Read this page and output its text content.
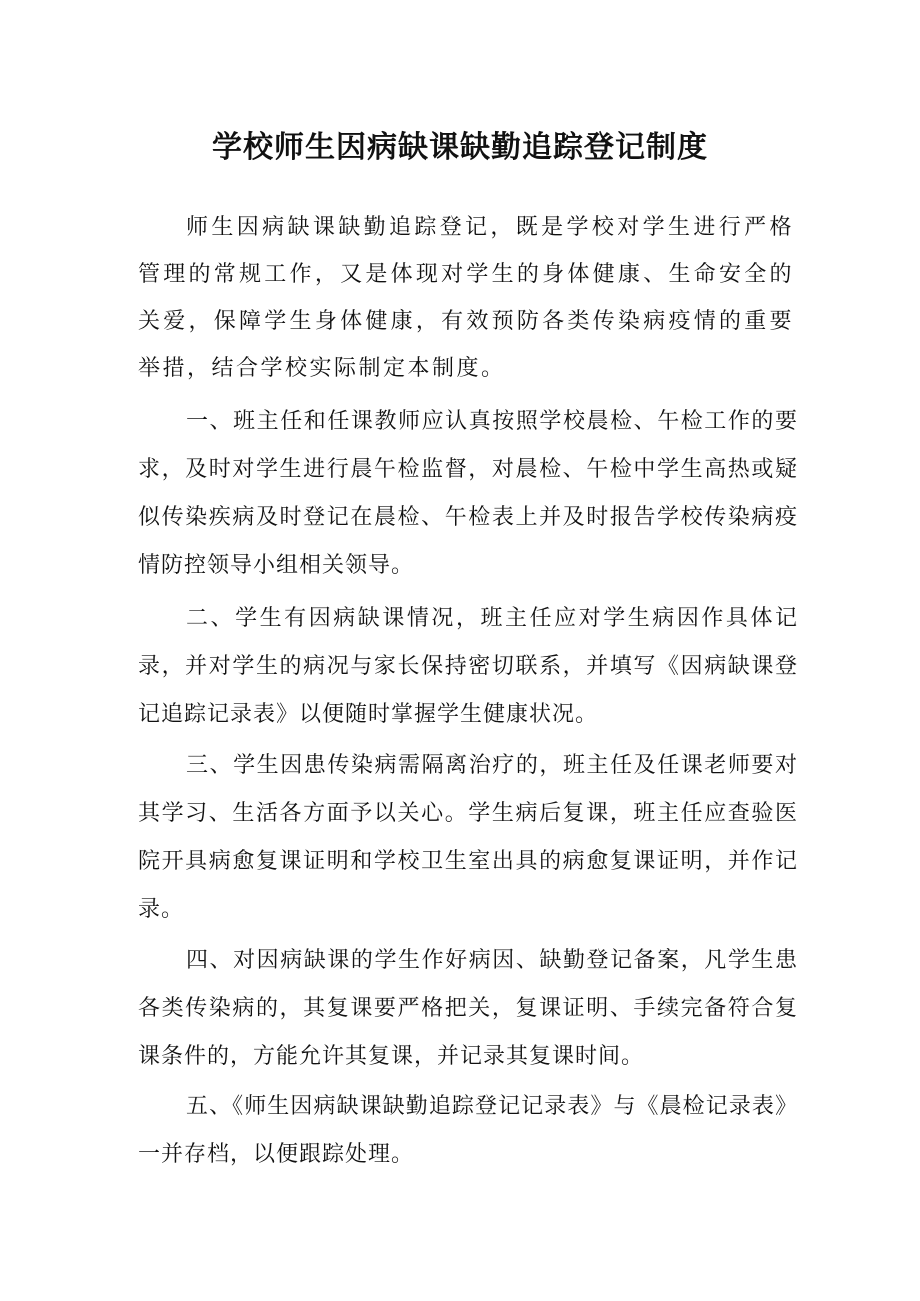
学校师生因病缺课缺勤追踪登记制度

师生因病缺课缺勤追踪登记，既是学校对学生进行严格管理的常规工作，又是体现对学生的身体健康、生命安全的关爱，保障学生身体健康，有效预防各类传染病疫情的重要举措，结合学校实际制定本制度。

一、班主任和任课教师应认真按照学校晨检、午检工作的要求，及时对学生进行晨午检监督，对晨检、午检中学生高热或疑似传染疾病及时登记在晨检、午检表上并及时报告学校传染病疫情防控领导小组相关领导。

二、学生有因病缺课情况，班主任应对学生病因作具体记录，并对学生的病况与家长保持密切联系，并填写《因病缺课登记追踪记录表》以便随时掌握学生健康状况。

三、学生因患传染病需隔离治疗的，班主任及任课老师要对其学习、生活各方面予以关心。学生病后复课，班主任应查验医院开具病愈复课证明和学校卫生室出具的病愈复课证明，并作记录。

四、对因病缺课的学生作好病因、缺勤登记备案，凡学生患各类传染病的，其复课要严格把关，复课证明、手续完备符合复课条件的，方能允许其复课，并记录其复课时间。

五、《师生因病缺课缺勤追踪登记记录表》与《晨检记录表》一并存档，以便跟踪处理。
